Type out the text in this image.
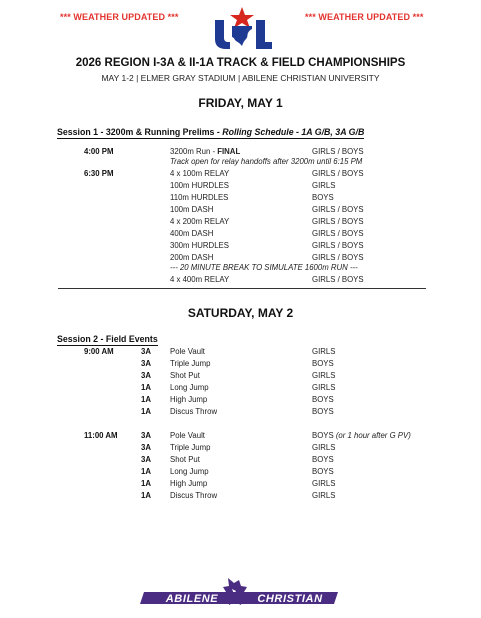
*** WEATHER UPDATED ***	*** WEATHER UPDATED ***
2026 REGION I-3A & II-1A TRACK & FIELD CHAMPIONSHIPS
MAY 1-2 | ELMER GRAY STADIUM | ABILENE CHRISTIAN UNIVERSITY
FRIDAY, MAY 1
Session 1 - 3200m & Running Prelims - Rolling Schedule - 1A G/B, 3A G/B
4:00 PM	3200m Run - FINAL	GIRLS / BOYS
Track open for relay handoffs after 3200m until 6:15 PM
6:30 PM	4 x 100m RELAY	GIRLS / BOYS
100m HURDLES	GIRLS
110m HURDLES	BOYS
100m DASH	GIRLS / BOYS
4 x 200m RELAY	GIRLS / BOYS
400m DASH	GIRLS / BOYS
300m HURDLES	GIRLS / BOYS
200m DASH	GIRLS / BOYS
--- 20 MINUTE BREAK TO SIMULATE 1600m RUN ---
4 x 400m RELAY	GIRLS / BOYS
SATURDAY, MAY 2
Session 2 - Field Events
9:00 AM	3A Pole Vault	GIRLS
3A Triple Jump	BOYS
3A Shot Put	GIRLS
1A Long Jump	GIRLS
1A High Jump	BOYS
1A Discus Throw	BOYS
11:00 AM	3A Pole Vault	BOYS (or 1 hour after G PV)
3A Triple Jump	GIRLS
3A Shot Put	BOYS
1A Long Jump	BOYS
1A High Jump	GIRLS
1A Discus Throw	GIRLS
ABILENE	CHRISTIAN
